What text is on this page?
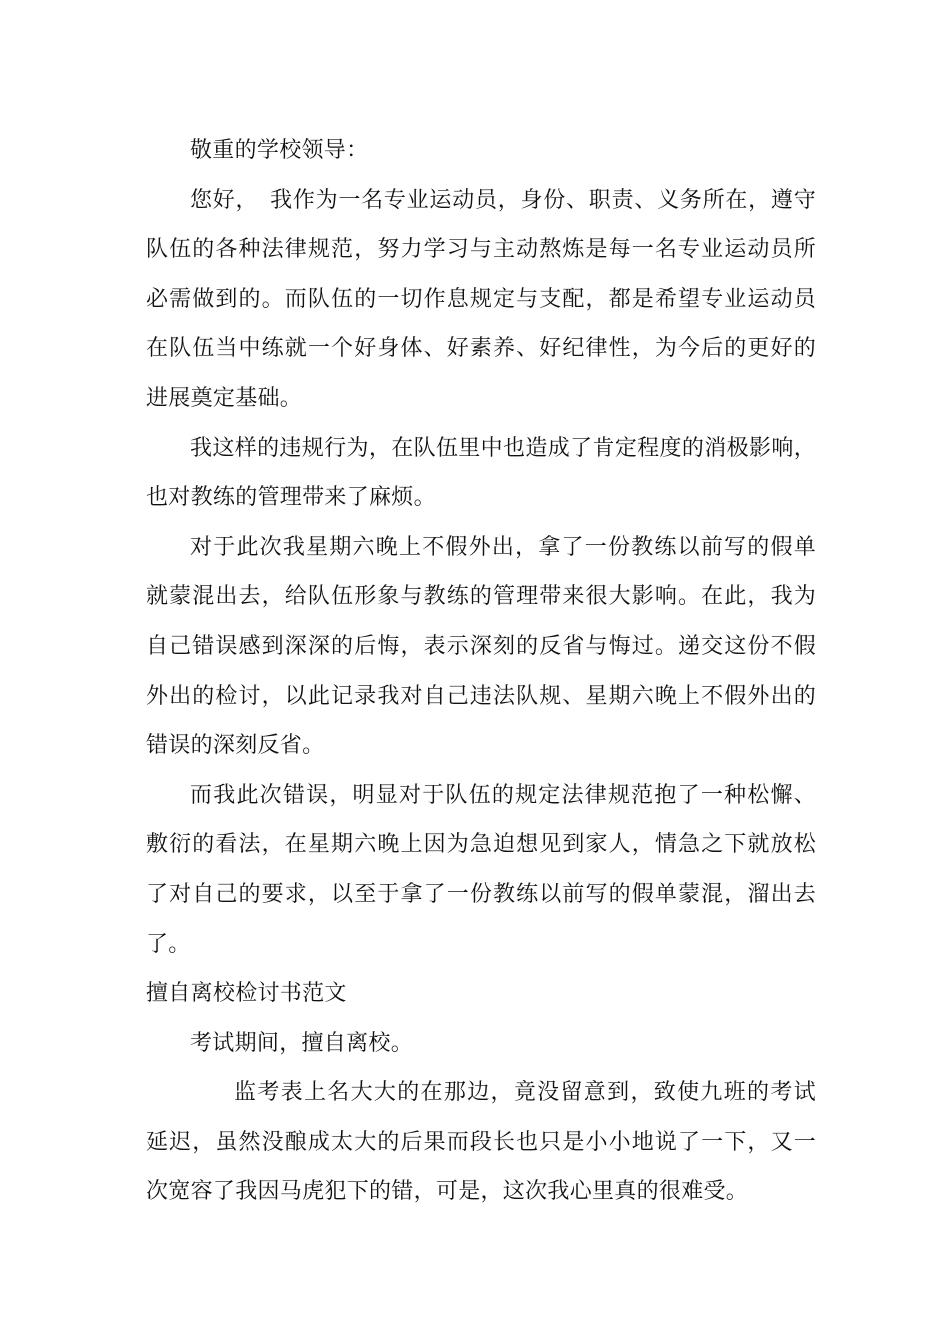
敬重的学校领导：
您好，　我作为一名专业运动员，身份、职责、义务所在，遵守
队伍的各种法律规范，努力学习与主动熬炼是每一名专业运动员所
必需做到的。而队伍的一切作息规定与支配，都是希望专业运动员
在队伍当中练就一个好身体、好素养、好纪律性，为今后的更好的
进展奠定基础。
我这样的违规行为，在队伍里中也造成了肯定程度的消极影响，
也对教练的管理带来了麻烦。
对于此次我星期六晚上不假外出，拿了一份教练以前写的假单
就蒙混出去，给队伍形象与教练的管理带来很大影响。在此，我为
自己错误感到深深的后悔，表示深刻的反省与悔过。递交这份不假
外出的检讨，以此记录我对自己违法队规、星期六晚上不假外出的
错误的深刻反省。
而我此次错误，明显对于队伍的规定法律规范抱了一种松懈、
敷衍的看法，在星期六晚上因为急迫想见到家人，情急之下就放松
了对自己的要求，以至于拿了一份教练以前写的假单蒙混，溜出去
了。
擅自离校检讨书范文
考试期间，擅自离校。
监考表上名大大的在那边，竟没留意到，致使九班的考试
延迟，虽然没酿成太大的后果而段长也只是小小地说了一下，又一
次宽容了我因马虎犯下的错，可是，这次我心里真的很难受。
